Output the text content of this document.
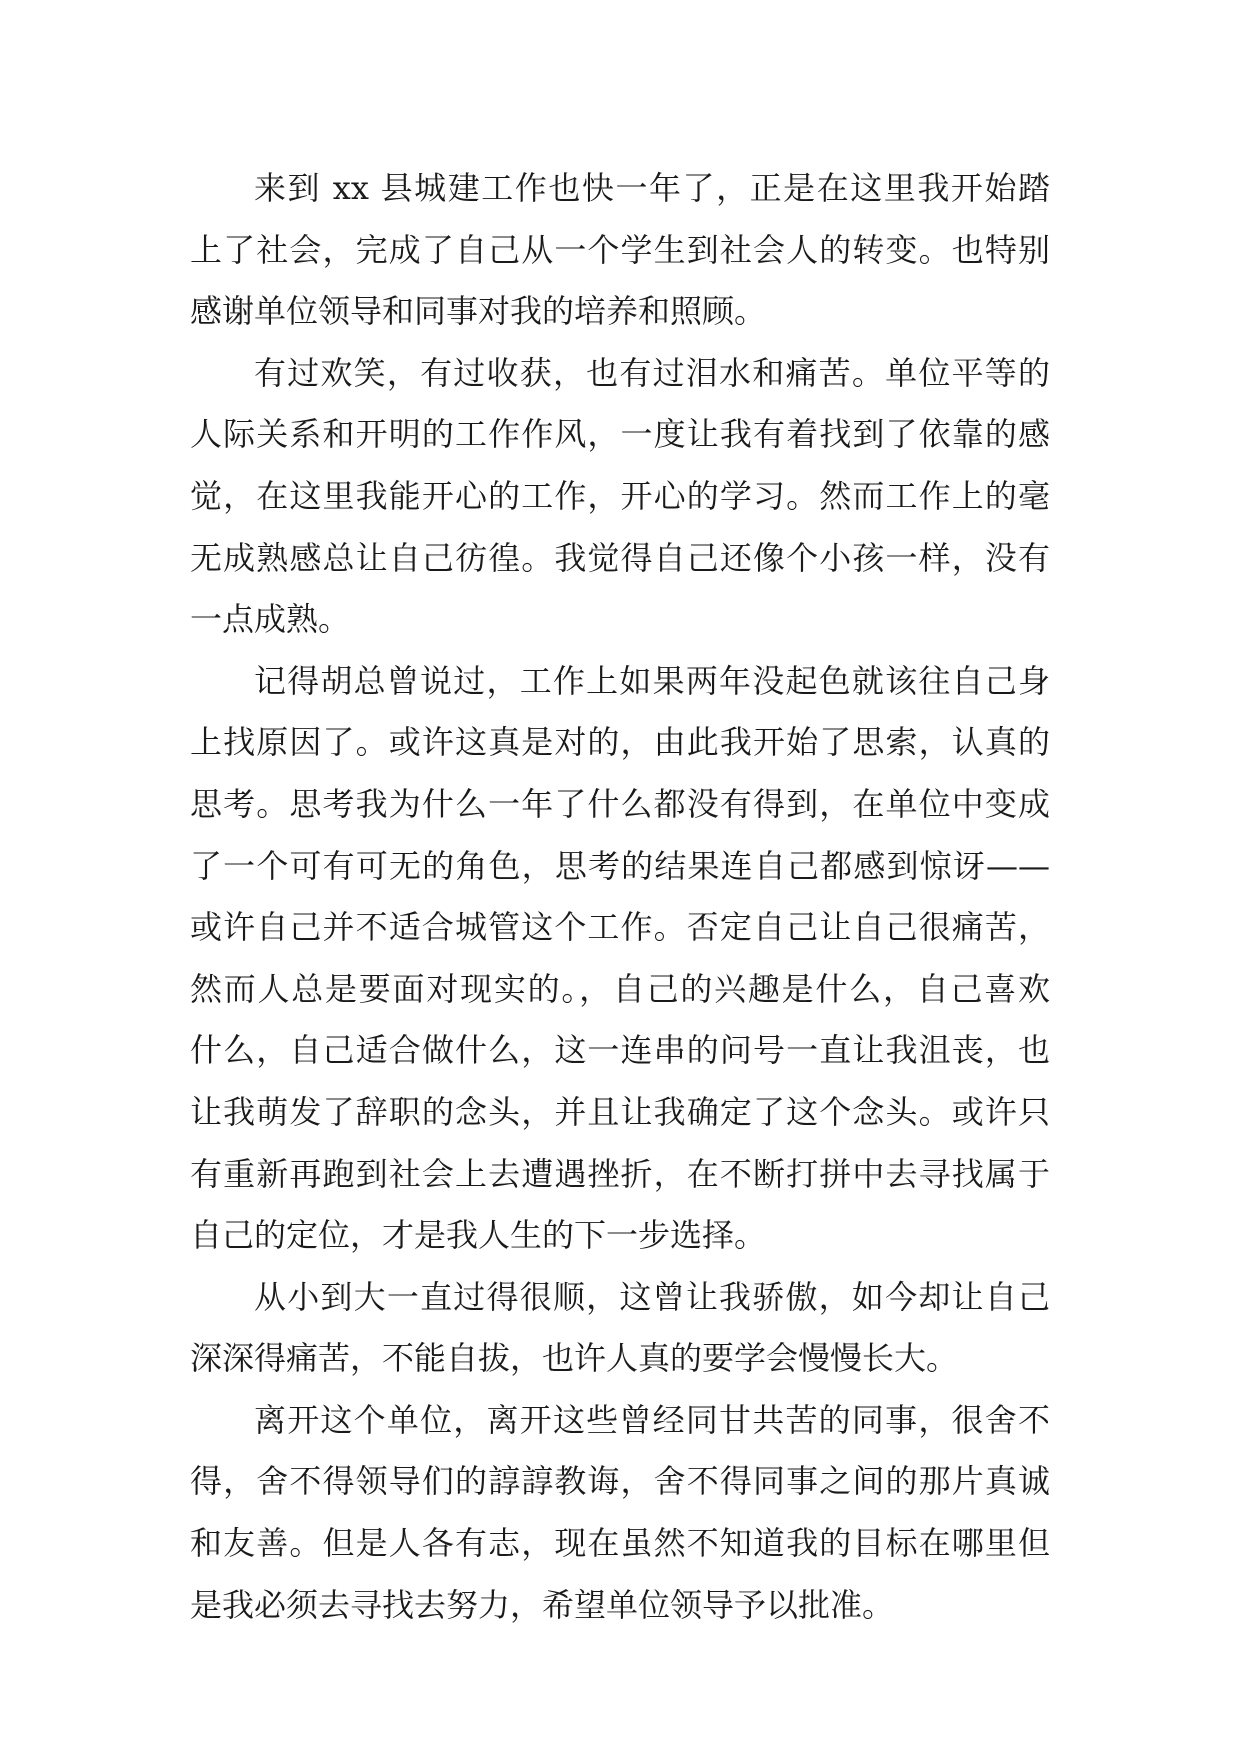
来到 xx 县城建工作也快一年了，正是在这里我开始踏
上了社会，完成了自己从一个学生到社会人的转变。也特别
感谢单位领导和同事对我的培养和照顾。
有过欢笑，有过收获，也有过泪水和痛苦。单位平等的
人际关系和开明的工作作风，一度让我有着找到了依靠的感
觉，在这里我能开心的工作，开心的学习。然而工作上的毫
无成熟感总让自己彷徨。我觉得自己还像个小孩一样，没有
一点成熟。
记得胡总曾说过，工作上如果两年没起色就该往自己身
上找原因了。或许这真是对的，由此我开始了思索，认真的
思考。思考我为什么一年了什么都没有得到，在单位中变成
了一个可有可无的角色，思考的结果连自己都感到惊讶——
或许自己并不适合城管这个工作。否定自己让自己很痛苦，
然而人总是要面对现实的。，自己的兴趣是什么，自己喜欢
什么，自己适合做什么，这一连串的问号一直让我沮丧，也
让我萌发了辞职的念头，并且让我确定了这个念头。或许只
有重新再跑到社会上去遭遇挫折，在不断打拼中去寻找属于
自己的定位，才是我人生的下一步选择。
从小到大一直过得很顺，这曾让我骄傲，如今却让自己
深深得痛苦，不能自拔，也许人真的要学会慢慢长大。
离开这个单位，离开这些曾经同甘共苦的同事，很舍不
得，舍不得领导们的諄諄教诲，舍不得同事之间的那片真诚
和友善。但是人各有志，现在虽然不知道我的目标在哪里但
是我必须去寻找去努力，希望单位领导予以批准。
